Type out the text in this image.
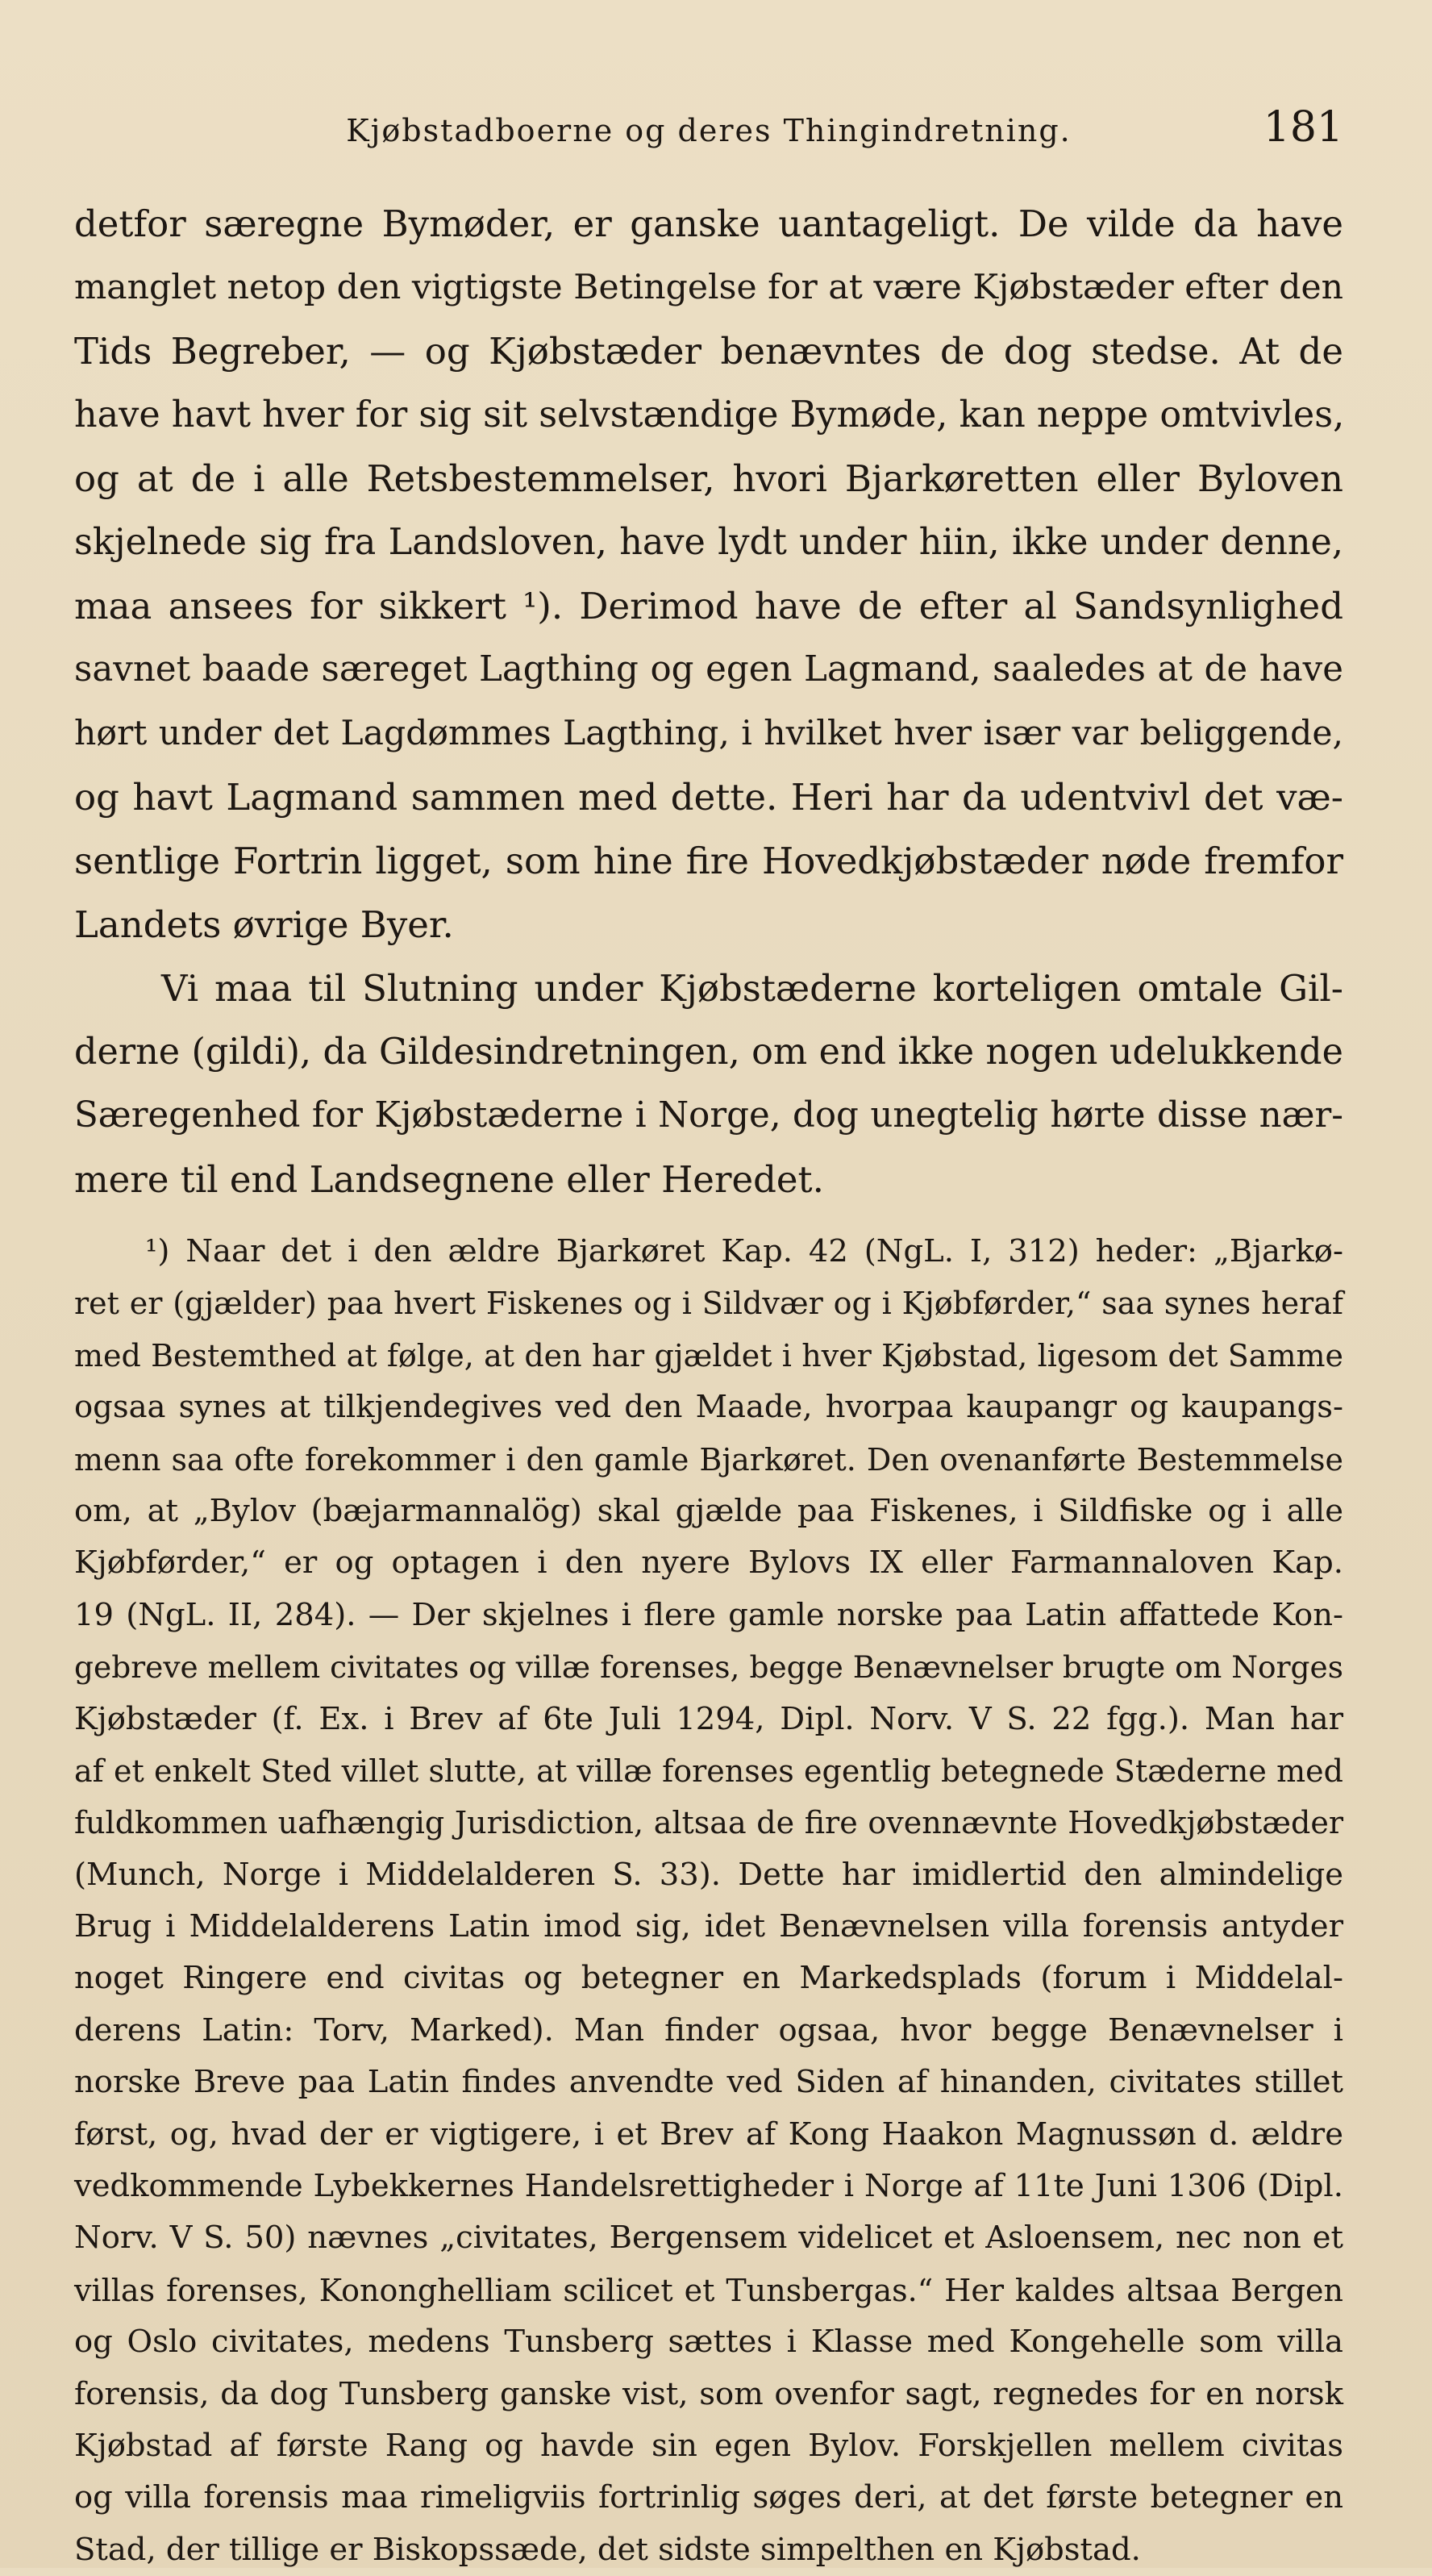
Kjøbstadboerne og deres Thingindretning.	181
detfor særegne Bymøder, er ganske uantageligt. De vilde da have
manglet netop den vigtigste Betingelse for at være Kjøbstæder efter den
Tids Begreber, — og Kjøbstæder benævntes de dog stedse. At de
have havt hver for sig sit selvstændige Bymøde, kan neppe omtvivles,
og at de i alle Retsbestemmelser, hvori Bjarkøretten eller Byloven
skjelnede sig fra Landsloven, have lydt under hiin, ikke under denne,
maa ansees for sikkert ¹). Derimod have de efter al Sandsynlighed
savnet baade særeget Lagthing og egen Lagmand, saaledes at de have
hørt under det Lagdømmes Lagthing, i hvilket hver især var beliggende,
og havt Lagmand sammen med dette. Heri har da udentvivl det væ-
sentlige Fortrin ligget, som hine fire Hovedkjøbstæder nøde fremfor
Landets øvrige Byer.
Vi maa til Slutning under Kjøbstæderne korteligen omtale Gil-
derne (gildi), da Gildesindretningen, om end ikke nogen udelukkende
Særegenhed for Kjøbstæderne i Norge, dog unegtelig hørte disse nær-
mere til end Landsegnene eller Heredet.
¹) Naar det i den ældre Bjarkøret Kap. 42 (NgL. I, 312) heder: „Bjarkø-
ret er (gjælder) paa hvert Fiskenes og i Sildvær og i Kjøbførder,“ saa synes heraf
med Bestemthed at følge, at den har gjældet i hver Kjøbstad, ligesom det Samme
ogsaa synes at tilkjendegives ved den Maade, hvorpaa kaupangr og kaupangs-
menn saa ofte forekommer i den gamle Bjarkøret. Den ovenanførte Bestemmelse
om, at „Bylov (bæjarmannalög) skal gjælde paa Fiskenes, i Sildfiske og i alle
Kjøbførder,“ er og optagen i den nyere Bylovs IX eller Farmannaloven Kap.
19 (NgL. II, 284). — Der skjelnes i flere gamle norske paa Latin affattede Kon-
gebreve mellem civitates og villæ forenses, begge Benævnelser brugte om Norges
Kjøbstæder (f. Ex. i Brev af 6te Juli 1294, Dipl. Norv. V S. 22 fgg.). Man har
af et enkelt Sted villet slutte, at villæ forenses egentlig betegnede Stæderne med
fuldkommen uafhængig Jurisdiction, altsaa de fire ovennævnte Hovedkjøbstæder
(Munch, Norge i Middelalderen S. 33). Dette har imidlertid den almindelige
Brug i Middelalderens Latin imod sig, idet Benævnelsen villa forensis antyder
noget Ringere end civitas og betegner en Markedsplads (forum i Middelal-
derens Latin: Torv, Marked). Man finder ogsaa, hvor begge Benævnelser i
norske Breve paa Latin findes anvendte ved Siden af hinanden, civitates stillet
først, og, hvad der er vigtigere, i et Brev af Kong Haakon Magnussøn d. ældre
vedkommende Lybekkernes Handelsrettigheder i Norge af 11te Juni 1306 (Dipl.
Norv. V S. 50) nævnes „civitates, Bergensem videlicet et Asloensem, nec non et
villas forenses, Kononghelliam scilicet et Tunsbergas.“ Her kaldes altsaa Bergen
og Oslo civitates, medens Tunsberg sættes i Klasse med Kongehelle som villa
forensis, da dog Tunsberg ganske vist, som ovenfor sagt, regnedes for en norsk
Kjøbstad af første Rang og havde sin egen Bylov. Forskjellen mellem civitas
og villa forensis maa rimeligviis fortrinlig søges deri, at det første betegner en
Stad, der tillige er Biskopssæde, det sidste simpelthen en Kjøbstad.
